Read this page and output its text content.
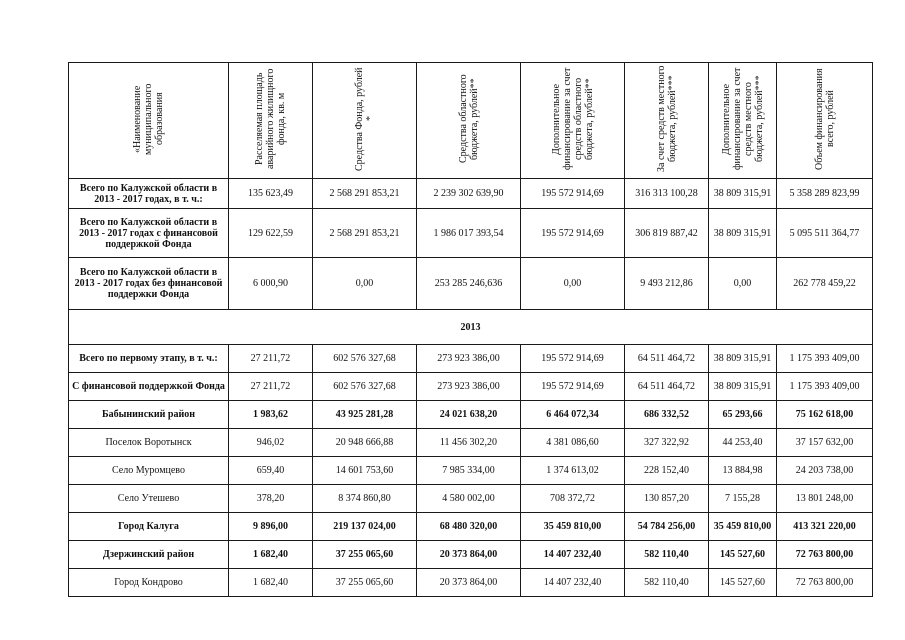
«Наименование муниципального образования	Расселяемая площадь аварийного жилищного фонда, кв. м	Средства Фонда, рублей *	Средства областного бюджета, рублей**	Дополнительное финансирование за счет средств областного бюджета, рублей**	За счет средств местного бюджета, рублей***	Дополнительное финансирование за счет средств местного бюджета, рублей***	Объем финансирования всего, рублей
Всего по Калужской области в 2013 - 2017 годах, в т. ч.:	135 623,49	2 568 291 853,21	2 239 302 639,90	195 572 914,69	316 313 100,28	38 809 315,91	5 358 289 823,99
Всего по Калужской области в 2013 - 2017 годах с финансовой поддержкой Фонда	129 622,59	2 568 291 853,21	1 986 017 393,54	195 572 914,69	306 819 887,42	38 809 315,91	5 095 511 364,77
Всего по Калужской области в 2013 - 2017 годах без финансовой поддержки Фонда	6 000,90	0,00	253 285 246,636	0,00	9 493 212,86	0,00	262 778 459,22
2013							
Всего по первому этапу, в т. ч.:	27 211,72	602 576 327,68	273 923 386,00	195 572 914,69	64 511 464,72	38 809 315,91	1 175 393 409,00
С финансовой поддержкой Фонда	27 211,72	602 576 327,68	273 923 386,00	195 572 914,69	64 511 464,72	38 809 315,91	1 175 393 409,00
Бабынинский район	1 983,62	43 925 281,28	24 021 638,20	6 464 072,34	686 332,52	65 293,66	75 162 618,00
Поселок Воротынск	946,02	20 948 666,88	11 456 302,20	4 381 086,60	327 322,92	44 253,40	37 157 632,00
Село Муромцево	659,40	14 601 753,60	7 985 334,00	1 374 613,02	228 152,40	13 884,98	24 203 738,00
Село Утешево	378,20	8 374 860,80	4 580 002,00	708 372,72	130 857,20	7 155,28	13 801 248,00
Город Калуга	9 896,00	219 137 024,00	68 480 320,00	35 459 810,00	54 784 256,00	35 459 810,00	413 321 220,00
Дзержинский район	1 682,40	37 255 065,60	20 373 864,00	14 407 232,40	582 110,40	145 527,60	72 763 800,00
Город Кондрово	1 682,40	37 255 065,60	20 373 864,00	14 407 232,40	582 110,40	145 527,60	72 763 800,00
